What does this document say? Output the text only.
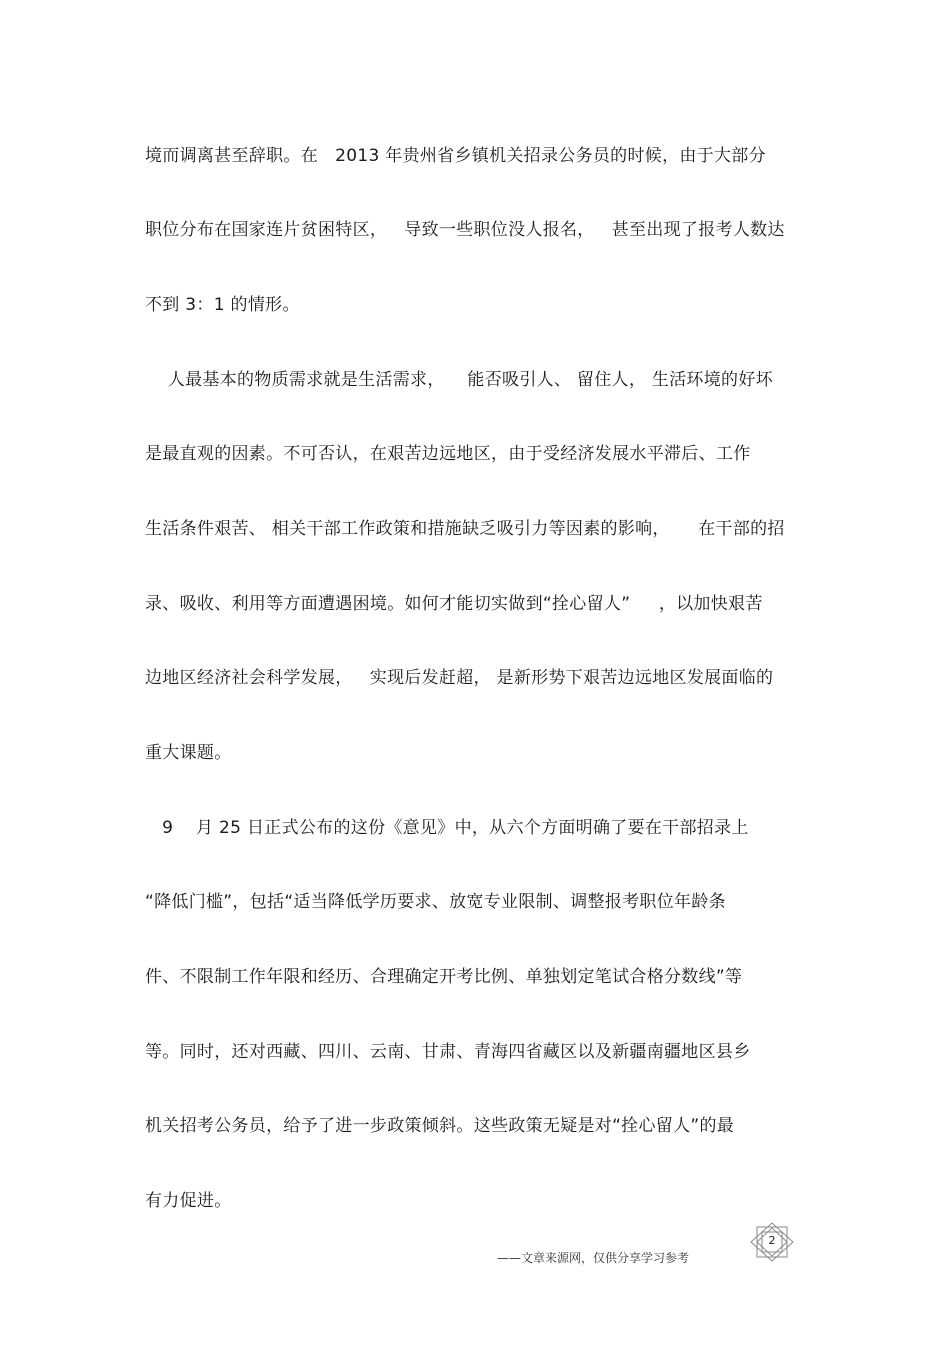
境而调离甚至辞职。在   2013 年贵州省乡镇机关招录公务员的时候，由于大部分
职位分布在国家连片贫困特区，   导致一些职位没人报名，   甚至出现了报考人数达
不到 3：1 的情形。
人最基本的物质需求就是生活需求，    能否吸引人、 留住人， 生活环境的好坏
是最直观的因素。不可否认，在艰苦边远地区，由于受经济发展水平滞后、工作
生活条件艰苦、 相关干部工作政策和措施缺乏吸引力等因素的影响，     在干部的招
录、吸收、利用等方面遭遇困境。如何才能切实做到“拴心留人”     ，以加快艰苦
边地区经济社会科学发展，   实现后发赶超， 是新形势下艰苦边远地区发展面临的
重大课题。
9    月 25 日正式公布的这份《意见》中，从六个方面明确了要在干部招录上
“降低门槛”，包括“适当降低学历要求、放宽专业限制、调整报考职位年龄条
件、不限制工作年限和经历、合理确定开考比例、单独划定笔试合格分数线”等
等。同时，还对西藏、四川、云南、甘肃、青海四省藏区以及新疆南疆地区县乡
机关招考公务员，给予了进一步政策倾斜。这些政策无疑是对“拴心留人”的最
有力促进。
2
——文章来源网，仅供分享学习参考
